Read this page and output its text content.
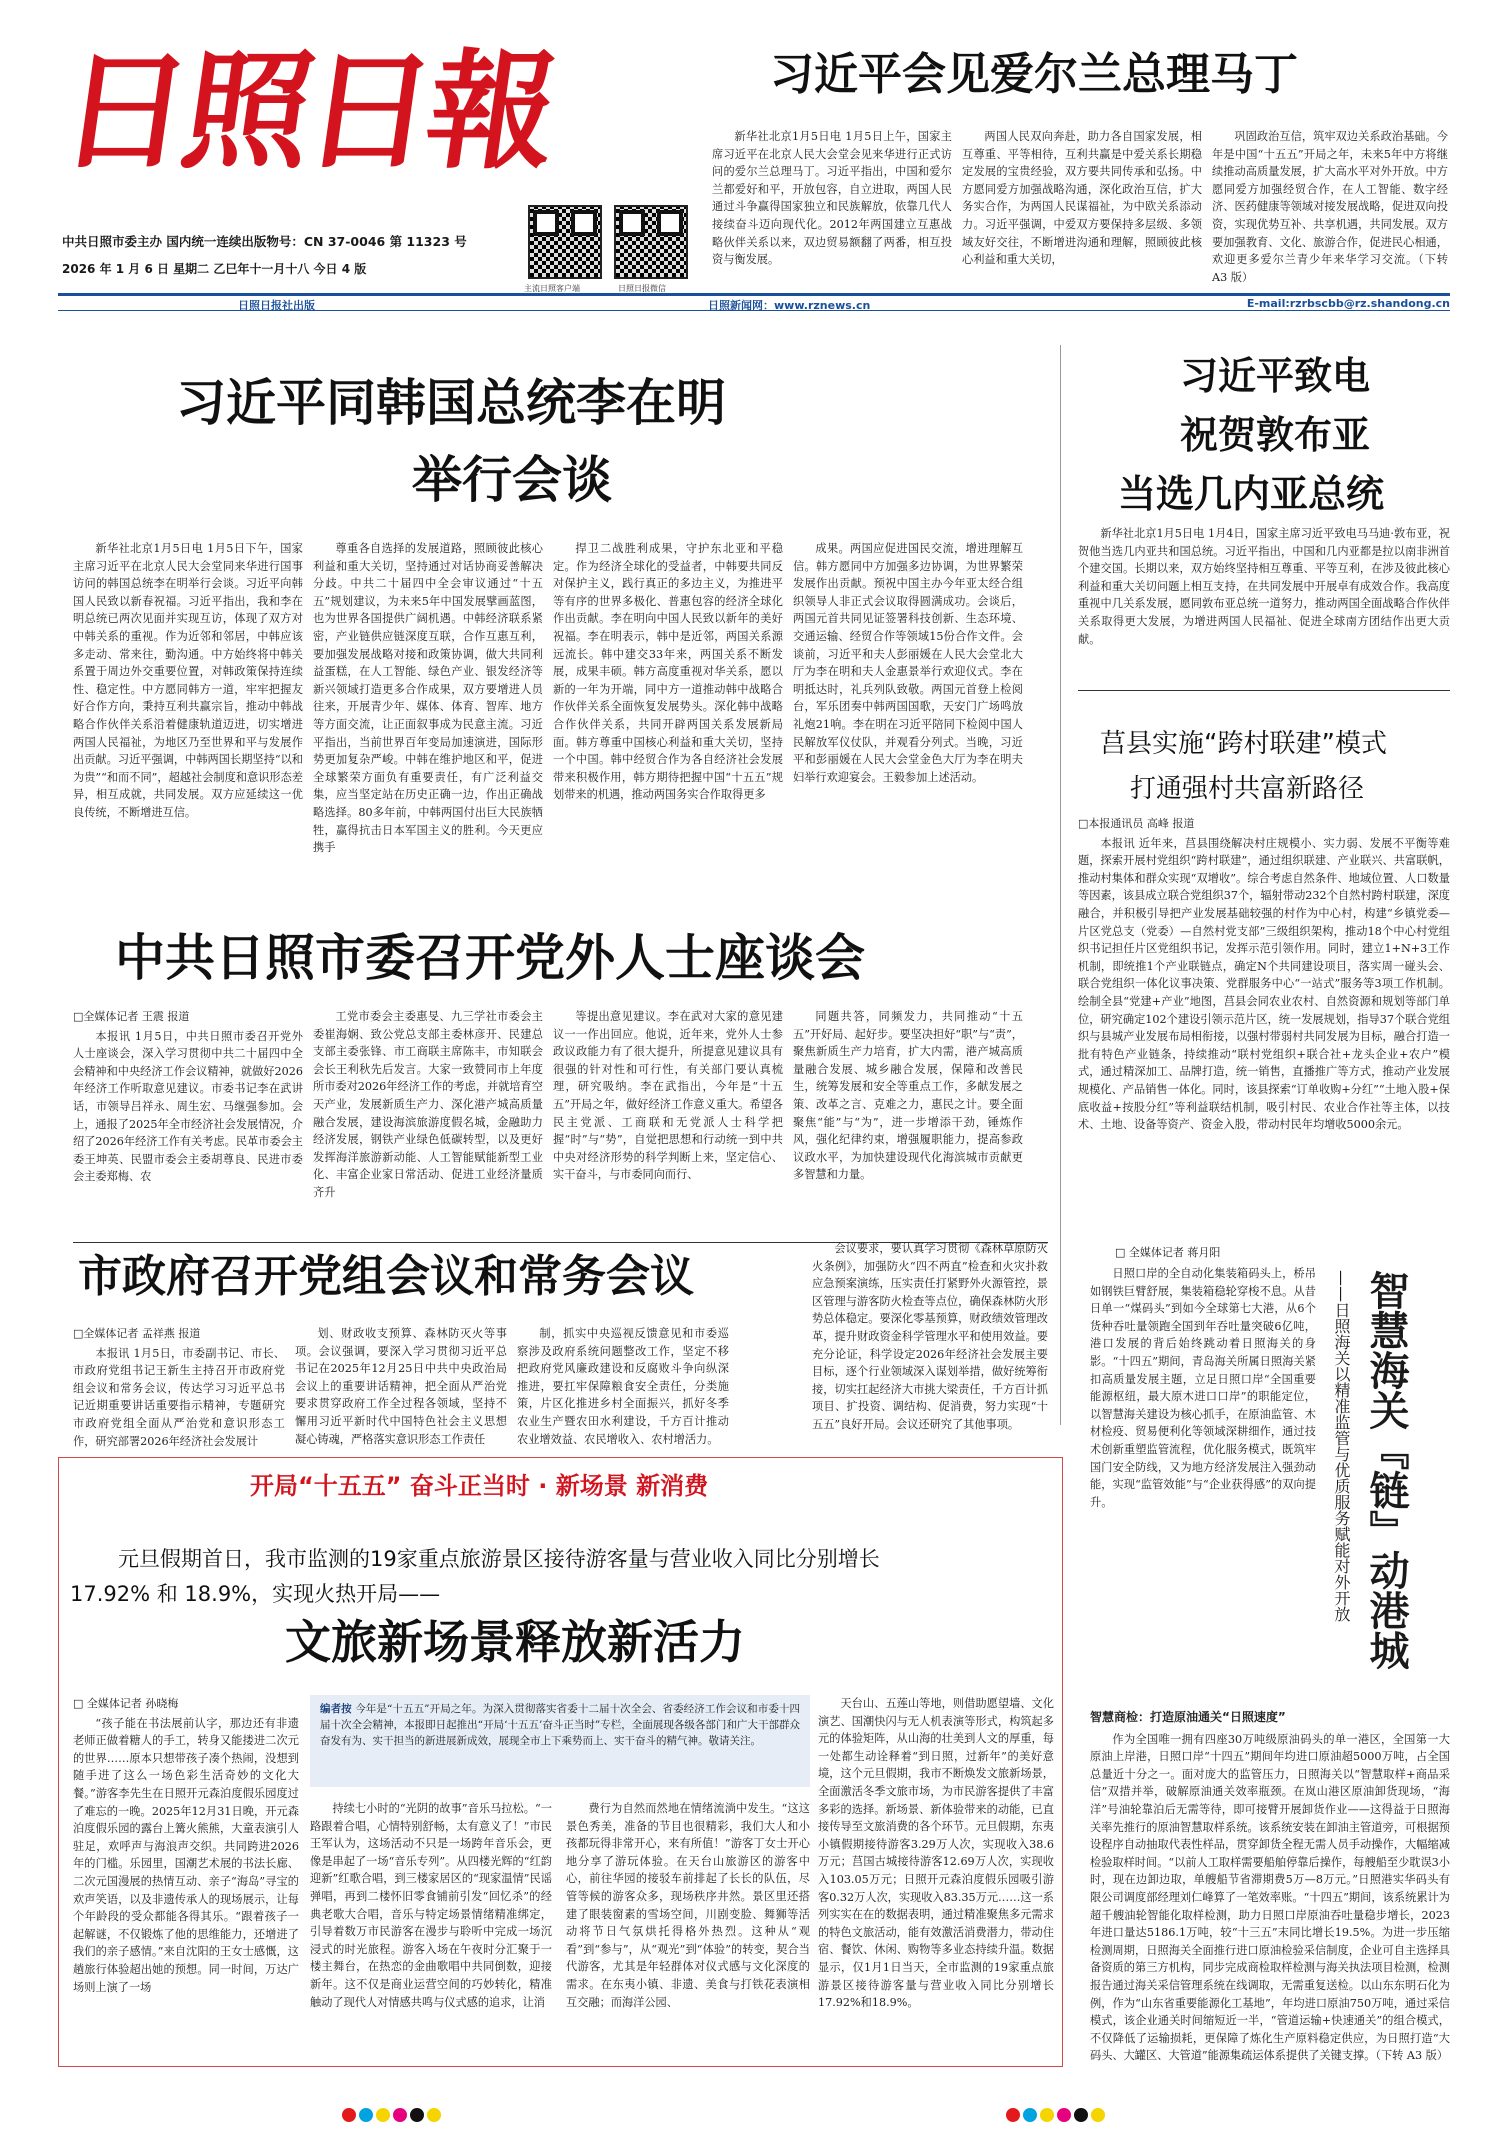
日照日報
中共日照市委主办 国内统一连续出版物号：CN 37-0046 第 11323 号
2026 年 1 月 6 日 星期二 乙巳年十一月十八 今日 4 版
主流日照客户端	日照日报微信
习近平会见爱尔兰总理马丁

新华社北京1月5日电 1月5日上午，国家主席习近平在北京人民大会堂会见来华进行正式访问的爱尔兰总理马丁。习近平指出，中国和爱尔兰都爱好和平，开放包容，自立进取，两国人民通过斗争赢得国家独立和民族解放，依靠几代人接续奋斗迈向现代化。2012年两国建立互惠战略伙伴关系以来，双边贸易额翻了两番，相互投资与衡发展。

两国人民双向奔赴，助力各自国家发展，相互尊重、平等相待，互利共赢是中爱关系长期稳定发展的宝贵经验，双方要共同传承和弘扬。中方愿同爱方加强战略沟通，深化政治互信，扩大务实合作，为两国人民谋福祉，为中欧关系添动力。习近平强调，中爱双方要保持多层级、多领域友好交往，不断增进沟通和理解，照顾彼此核心利益和重大关切，

巩固政治互信，筑牢双边关系政治基础。今年是中国“十五五”开局之年，未来5年中方将继续推动高质量发展，扩大高水平对外开放。中方愿同爱方加强经贸合作，在人工智能、数字经济、医药健康等领域对接发展战略，促进双向投资，实现优势互补、共享机遇，共同发展。双方要加强教育、文化、旅游合作，促进民心相通，欢迎更多爱尔兰青少年来华学习交流。（下转 A3 版）

日照日报社出版	日照新闻网：www.rznews.cn	E-mail:rzrbscbb@rz.shandong.cn
习近平同韩国总统李在明
举行会谈

新华社北京1月5日电 1月5日下午，国家主席习近平在北京人民大会堂同来华进行国事访问的韩国总统李在明举行会谈。习近平向韩国人民致以新春祝福。习近平指出，我和李在明总统已两次见面并实现互访，体现了双方对中韩关系的重视。作为近邻和邻居，中韩应该多走动、常来往，勤沟通。中方始终将中韩关系置于周边外交重要位置，对韩政策保持连续性、稳定性。中方愿同韩方一道，牢牢把握友好合作方向，秉持互利共赢宗旨，推动中韩战略合作伙伴关系沿着健康轨道迈进，切实增进两国人民福祉，为地区乃至世界和平与发展作出贡献。习近平强调，中韩两国长期坚持“以和为贵”“和而不同”，超越社会制度和意识形态差异，相互成就，共同发展。双方应延续这一优良传统，不断增进互信。

尊重各自选择的发展道路，照顾彼此核心利益和重大关切，坚持通过对话协商妥善解决分歧。中共二十届四中全会审议通过“十五五”规划建议，为未来5年中国发展擘画蓝图，也为世界各国提供广阔机遇。中韩经济联系紧密，产业链供应链深度互联，合作互惠互利，要加强发展战略对接和政策协调，做大共同利益蛋糕，在人工智能、绿色产业、银发经济等新兴领域打造更多合作成果，双方要增进人员往来，开展青少年、媒体、体育、智库、地方等方面交流，让正面叙事成为民意主流。习近平指出，当前世界百年变局加速演进，国际形势更加复杂严峻。中韩在维护地区和平，促进全球繁荣方面负有重要责任，有广泛利益交集，应当坚定站在历史正确一边，作出正确战略选择。80多年前，中韩两国付出巨大民族牺牲，赢得抗击日本军国主义的胜利。今天更应携手

捍卫二战胜利成果，守护东北亚和平稳定。作为经济全球化的受益者，中韩要共同反对保护主义，践行真正的多边主义，为推进平等有序的世界多极化、普惠包容的经济全球化作出贡献。李在明向中国人民致以新年的美好祝福。李在明表示，韩中是近邻，两国关系源远流长。韩中建交33年来，两国关系不断发展，成果丰硕。韩方高度重视对华关系，愿以新的一年为开端，同中方一道推动韩中战略合作伙伴关系全面恢复发展势头。深化韩中战略合作伙伴关系，共同开辟两国关系发展新局面。韩方尊重中国核心利益和重大关切，坚持一个中国。韩中经贸合作为各自经济社会发展带来积极作用，韩方期待把握中国“十五五”规划带来的机遇，推动两国务实合作取得更多

成果。两国应促进国民交流，增进理解互信。韩方愿同中方加强多边协调，为世界繁荣发展作出贡献。预祝中国主办今年亚太经合组织领导人非正式会议取得圆满成功。会谈后，两国元首共同见证签署科技创新、生态环境、交通运输、经贸合作等领域15份合作文件。会谈前，习近平和夫人彭丽媛在人民大会堂北大厅为李在明和夫人金惠景举行欢迎仪式。李在明抵达时，礼兵列队致敬。两国元首登上检阅台，军乐团奏中韩两国国歌，天安门广场鸣放礼炮21响。李在明在习近平陪同下检阅中国人民解放军仪仗队，并观看分列式。当晚，习近平和彭丽媛在人民大会堂金色大厅为李在明夫妇举行欢迎宴会。王毅参加上述活动。

习近平致电
祝贺敦布亚
当选几内亚总统

新华社北京1月5日电 1月4日，国家主席习近平致电马马迪·敦布亚，祝贺他当选几内亚共和国总统。习近平指出，中国和几内亚都是拉以南非洲首个建交国。长期以来，双方始终坚持相互尊重、平等互利，在涉及彼此核心利益和重大关切问题上相互支持，在共同发展中开展卓有成效合作。我高度重视中几关系发展，愿同敦布亚总统一道努力，推动两国全面战略合作伙伴关系取得更大发展，为增进两国人民福祉、促进全球南方团结作出更大贡献。

莒县实施“跨村联建”模式
打通强村共富新路径
□本报通讯员 高峰 报道

本报讯 近年来，莒县围绕解决村庄规模小、实力弱、发展不平衡等难题，探索开展村党组织“跨村联建”，通过组织联建、产业联兴、共富联帆，推动村集体和群众实现“双增收”。综合考虑自然条件、地域位置、人口数量等因素，该县成立联合党组织37个，辐射带动232个自然村跨村联建，深度融合，并积极引导把产业发展基础较强的村作为中心村，构建“乡镇党委—片区党总支（党委）—自然村党支部”三级组织架构，推动18个中心村党组织书记担任片区党组织书记，发挥示范引领作用。同时，建立1+N+3工作机制，即统推1个产业联链点，确定N个共同建设项目，落实周一碰头会、联合党组织一体化议事决策、党群服务中心“一站式”服务等3项工作机制。绘制全县“党建+产业”地图，莒县会同农业农村、自然资源和规划等部门单位，研究确定102个建设引领示范片区，统一发展规划，指导37个联合党组织与县城产业发展布局相衔接，以强村带弱村共同发展为目标，融合打造一批有特色产业链条，持续推动“联村党组织+联合社+龙头企业+农户”模式，通过精深加工、品牌打造，统一销售，直播推广等方式，推动产业发展规模化、产品销售一体化。同时，该县探索“订单收购+分红”“土地入股+保底收益+按股分红”等利益联结机制，吸引村民、农业合作社等主体，以技术、土地、设备等资产、资金入股，带动村民年均增收5000余元。

中共日照市委召开党外人士座谈会
□全媒体记者 王震 报道

本报讯 1月5日，中共日照市委召开党外人士座谈会，深入学习贯彻中共二十届四中全会精神和中央经济工作会议精神，就做好2026年经济工作听取意见建议。市委书记李在武讲话，市领导吕祥永、周生宏、马继强参加。会上，通报了2025年全市经济社会发展情况，介绍了2026年经济工作有关考虑。民革市委会主委王坤英、民盟市委会主委胡尊良、民进市委会主委郑梅、农

工党市委会主委惠旻、九三学社市委会主委崔海娴、致公党总支部主委林彦开、民建总支部主委张锋、市工商联主席陈丰，市知联会会长王利秋先后发言。大家一致赞同市上年度所市委对2026年经济工作的考虑，并就培育空天产业，发展新质生产力、深化港产城高质量融合发展，建设海滨旅游度假名城，金融助力经济发展，钢铁产业绿色低碳转型，以及更好发挥海洋旅游新动能、人工智能赋能新型工业化、丰富企业家日常活动、促进工业经济量质齐升

等提出意见建议。李在武对大家的意见建议一一作出回应。他说，近年来，党外人士参政议政能力有了很大提升，所提意见建议具有很强的针对性和可行性，有关部门要认真梳理，研究吸纳。李在武指出，今年是“十五五”开局之年，做好经济工作意义重大。希望各民主党派、工商联和无党派人士科学把握“时”与“势”，自觉把思想和行动统一到中共中央对经济形势的科学判断上来，坚定信心、实干奋斗，与市委同向而行、

同题共答，同频发力，共同推动“十五五”开好局、起好步。要坚决担好“职”与“责”，聚焦新质生产力培育，扩大内需，港产城高质量融合发展、城乡融合发展，保障和改善民生，统筹发展和安全等重点工作，多献发展之策、改革之言、克难之力，惠民之计。要全面聚焦“能”与“为”，进一步增添干劲，锤炼作风，强化纪律约束，增强履职能力，提高参政议政水平，为加快建设现代化海滨城市贡献更多智慧和力量。

市政府召开党组会议和常务会议
□全媒体记者 孟祥燕 报道

本报讯 1月5日，市委副书记、市长、市政府党组书记王新生主持召开市政府党组会议和常务会议，传达学习习近平总书记近期重要讲话重要指示精神，专题研究市政府党组全面从严治党和意识形态工作，研究部署2026年经济社会发展计

划、财政收支预算、森林防灭火等事项。会议强调，要深入学习贯彻习近平总书记在2025年12月25日中共中央政治局会议上的重要讲话精神，把全面从严治党要求贯穿政府工作全过程各领域，坚持不懈用习近平新时代中国特色社会主义思想凝心铸魂，严格落实意识形态工作责任

制，抓实中央巡视反馈意见和市委巡察涉及政府系统问题整改工作，坚定不移把政府党风廉政建设和反腐败斗争向纵深推进，要扛牢保障粮食安全责任，分类施策，片区化推进乡村全面振兴，抓好冬季农业生产暨农田水利建设，千方百计推动农业增效益、农民增收入、农村增活力。

会议要求，要认真学习贯彻《森林草原防灭火条例》，加强防火“四不两直”检查和火灾扑救应急预案演练，压实责任打紧野外火源管控，景区管理与游客防火检查等点位，确保森林防火形势总体稳定。要深化零基预算，财政绩效管理改革，提升财政资金科学管理水平和使用效益。要充分论证，科学设定2026年经济社会发展主要目标，逐个行业领域深入谋划举措，做好统筹衔接，切实扛起经济大市挑大梁责任，千方百计抓项目、扩投资、调结构、促消费，努力实现“十五五”良好开局。会议还研究了其他事项。

□ 全媒体记者 蒋月阳

日照口岸的全自动化集装箱码头上，桥吊如钢铁巨臂舒展，集装箱稳轮穿梭不息。从昔日单一“煤码头”到如今全球第七大港，从6个货种吞吐量领跑全国到年吞吐量突破6亿吨，港口发展的背后始终跳动着日照海关的身影。“十四五”期间，青岛海关所属日照海关紧扣高质量发展主题，立足日照口岸“全国重要能源枢纽，最大原木进口口岸”的职能定位，以智慧海关建设为核心抓手，在原油监管、木材检疫、贸易便利化等领域深耕细作，通过技术创新重塑监管流程，优化服务模式，既筑牢国门安全防线，又为地方经济发展注入强劲动能，实现“监管效能”与“企业获得感”的双向提升。	智慧海关『链』动港城
——日照海关以精准监管与优质服务赋能对外开放

智慧商检：打造原油通关“日照速度”

作为全国唯一拥有四座30万吨级原油码头的单一港区，全国第一大原油上岸港，日照口岸“十四五”期间年均进口原油超5000万吨，占全国总量近十分之一。面对庞大的监管压力，日照海关以“智慧取样+商品采信”双措并举，破解原油通关效率瓶颈。在岚山港区原油卸货现场，“海洋”号油轮靠泊后无需等待，即可接臂开展卸货作业——这得益于日照海关率先推行的原油智慧取样系统。该系统安装在卸油主管道旁，可根据预设程序自动抽取代表性样品，贯穿卸货全程无需人员手动操作，大幅缩减检验取样时间。“以前人工取样需要船舶停靠后操作，每艘船至少耽误3小时，现在边卸边取，单艘船节省滞期费5万—8万元。”日照港实华码头有限公司调度部经理刘仁峰算了一笔效率账。“十四五”期间，该系统累计为超千艘油轮智能化取样检测，助力日照口岸原油吞吐量稳步增长，2023年进口量达5186.1万吨，较“十三五”末同比增长19.5%。为进一步压缩检测周期，日照海关全面推行进口原油检验采信制度，企业可自主选择具备资质的第三方机构，同步完成商检取样检测与海关执法项目检测，检测报告通过海关采信管理系统在线调取，无需重复送检。以山东东明石化为例，作为“山东省重要能源化工基地”，年均进口原油750万吨，通过采信模式，该企业通关时间缩短近一半，“管道运输+快速通关”的组合模式，不仅降低了运输损耗，更保障了炼化生产原料稳定供应，为日照打造“大码头、大罐区、大管道”能源集疏运体系提供了关键支撑。（下转 A3 版）

开局“十五五” 奋斗正当时 · 新场景 新消费
元旦假期首日，我市监测的19家重点旅游景区接待游客量与营业收入同比分别增长
17.92% 和 18.9%，实现火热开局——
文旅新场景释放新活力
□ 全媒体记者 孙晓梅

“孩子能在书法展前认字，那边还有非遗老师正做着糖人的手工，转身又能搂进二次元的世界……原本只想带孩子凑个热闹，没想到随手进了这么一场色彩生活奇妙的文化大餐。”游客李先生在日照开元森泊度假乐园度过了难忘的一晚。2025年12月31日晚，开元森泊度假乐园的露台上篝火熊熊，大童表演引人驻足，欢呼声与海浪声交织。共同跨进2026年的门槛。乐园里，国潮艺术展的书法长廊、二次元国漫展的热情互动、亲子“海岛”寻宝的欢声笑语，以及非遗传承人的现场展示，让每个年龄段的受众都能各得其乐。“跟着孩子一起解谜，不仅锻炼了他的思维能力，还增进了我们的亲子感情。”来自沈阳的王女士感慨，这趟旅行体验超出她的预想。同一时间，万达广场则上演了一场

编者按 今年是“十五五”开局之年。为深入贯彻落实省委十二届十次全会、省委经济工作会议和市委十四届十次全会精神，本报即日起推出“开局‘十五五’奋斗正当时”专栏，全面展现各级各部门和广大干部群众奋发有为、实干担当的新进展新成效，展现全市上下乘势而上、实干奋斗的精气神。敬请关注。

持续七小时的“光阴的故事”音乐马拉松。“一路跟着合唱，心情特别舒畅，太有意义了！”市民王军认为，这场活动不只是一场跨年音乐会，更像是串起了一场“音乐专列”。从四楼光辉的“红韵迎新”红歌合唱，到三楼家居区的“现家温情”民谣弹唱，再到二楼怀旧零食铺前引发“回忆杀”的经典老歌大合唱，音乐与特定场景情绪精准绑定，引导着数万市民游客在漫步与聆听中完成一场沉浸式的时光旅程。游客入场在午夜时分汇聚于一楼主舞台，在热恋的金曲歌唱中共同倒数，迎接新年。这不仅是商业运营空间的巧妙转化，精准触动了现代人对情感共鸣与仪式感的追求，让消

费行为自然而然地在情绪流淌中发生。“这这景色秀美，准备的节目也很精彩，我们大人和小孩都玩得非常开心，来有所值！”游客丁女士开心地分享了游玩体验。在天台山旅游区的游客中心，前往华园的接驳车前排起了长长的队伍，尽管等候的游客众多，现场秩序井然。景区里还搭建了眼装窗素的雪场空间，川剧变脸、舞狮等活动将节日气氛烘托得格外热烈。这种从“观看”到“参与”，从“观光”到“体验”的转变，契合当代游客，尤其是年轻群体对仪式感与文化深度的需求。在东夷小镇、非遗、美食与打铁花表演相互交融；而海洋公园、

天台山、五莲山等地，则借助愿望墙、文化演艺、国潮快闪与无人机表演等形式，构筑起多元的体验矩阵，从山海的壮美到人文的厚重，每一处都生动诠释着“到日照，过新年”的美好意境，这个元旦假期，我市不断焕发文旅新场景，全面激活冬季文旅市场，为市民游客提供了丰富多彩的选择。新场景、新体验带来的动能，已直接传导至文旅消费的各个环节。元旦假期，东夷小镇假期接待游客3.29万人次，实现收入38.6万元；莒国古城接待游客12.69万人次，实现收入103.05万元；日照开元森泊度假乐园吸引游客0.32万人次，实现收入83.35万元……这一系列实实在在的数据表明，通过精准聚焦多元需求的特色文旅活动，能有效激活消费潜力，带动住宿、餐饮、休闲、购物等多业态持续升温。数据显示，仅1月1日当天，全市监测的19家重点旅游景区接待游客量与营业收入同比分别增长17.92%和18.9%。
